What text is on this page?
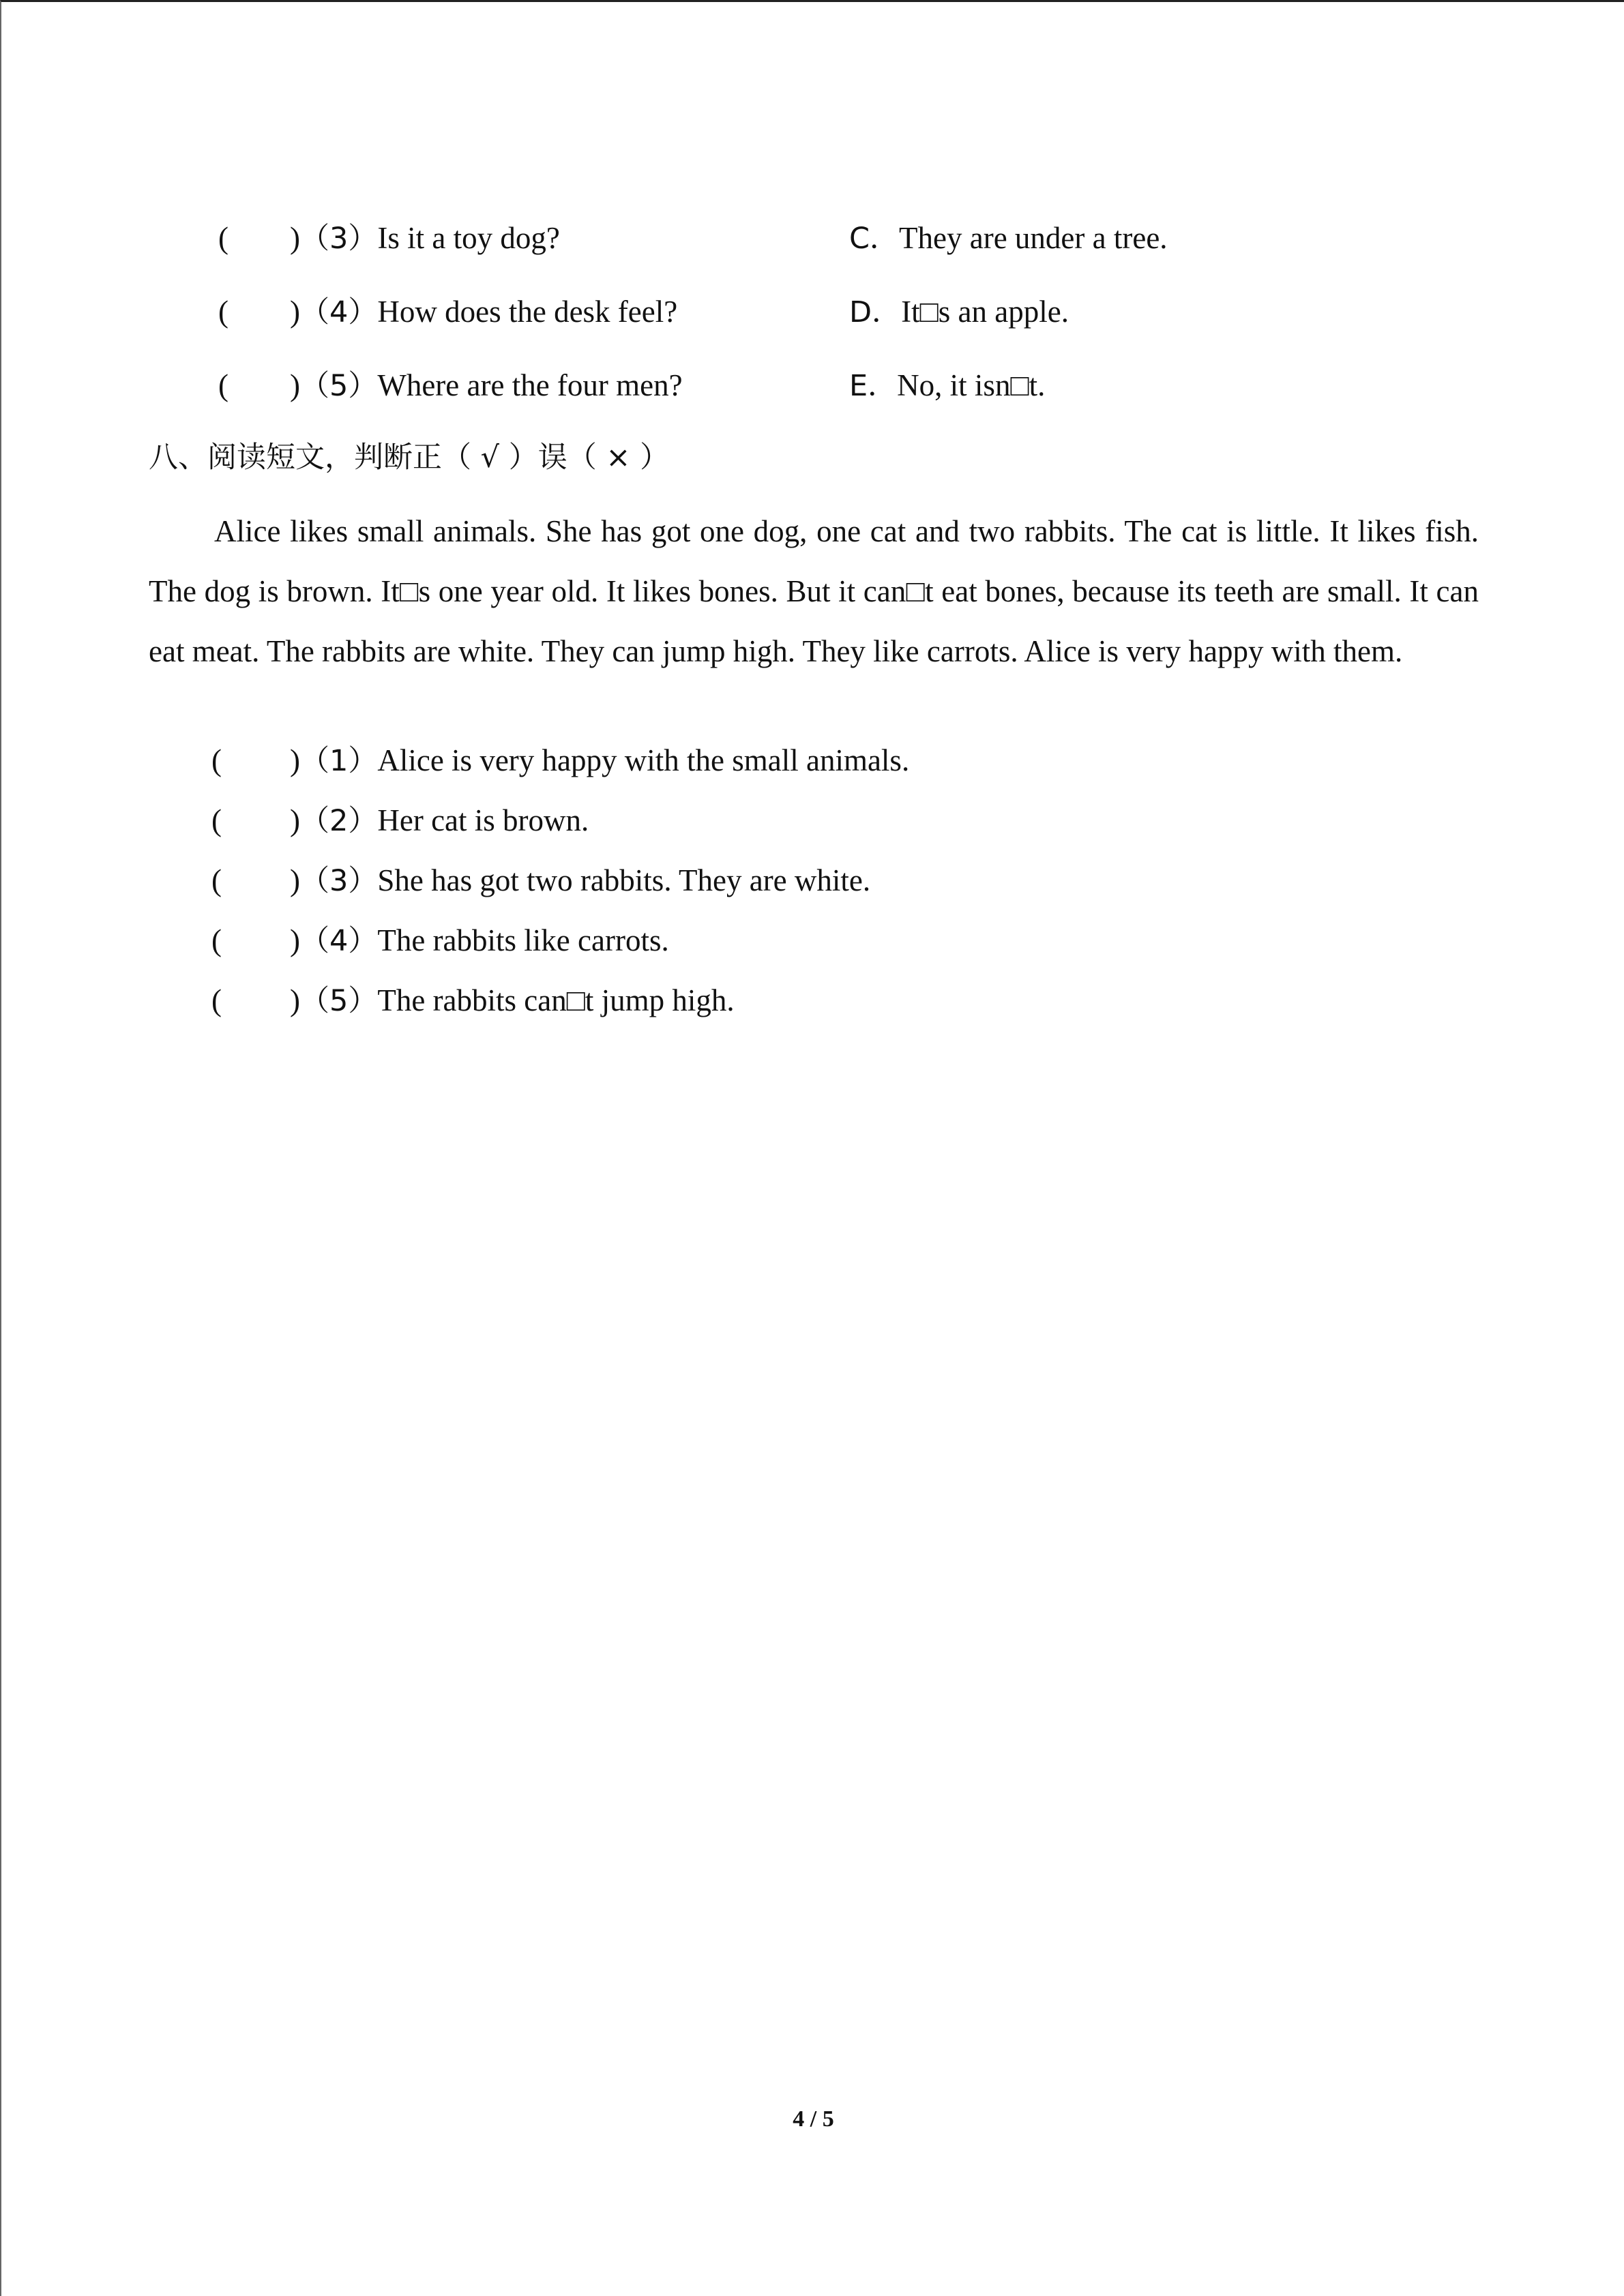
( )（3）Is it a toy dog?
( )（4）How does the desk feel?
( )（5）Where are the four men?
C．They are under a tree.
D．It□s an apple.
E．No, it isn□t.
八、阅读短文，判断正（ √ ）误（ × ）
Alice likes small animals. She has got one dog, one cat and two rabbits. The cat is little. It likes fish. The dog is brown. It□s one year old. It likes bones. But it can□t eat bones, because its teeth are small. It can eat meat. The rabbits are white. They can jump high. They like carrots. Alice is very happy with them.
( )（1）Alice is very happy with the small animals.
( )（2）Her cat is brown.
( )（3）She has got two rabbits. They are white.
( )（4）The rabbits like carrots.
( )（5）The rabbits can□t jump high.
4 / 5
